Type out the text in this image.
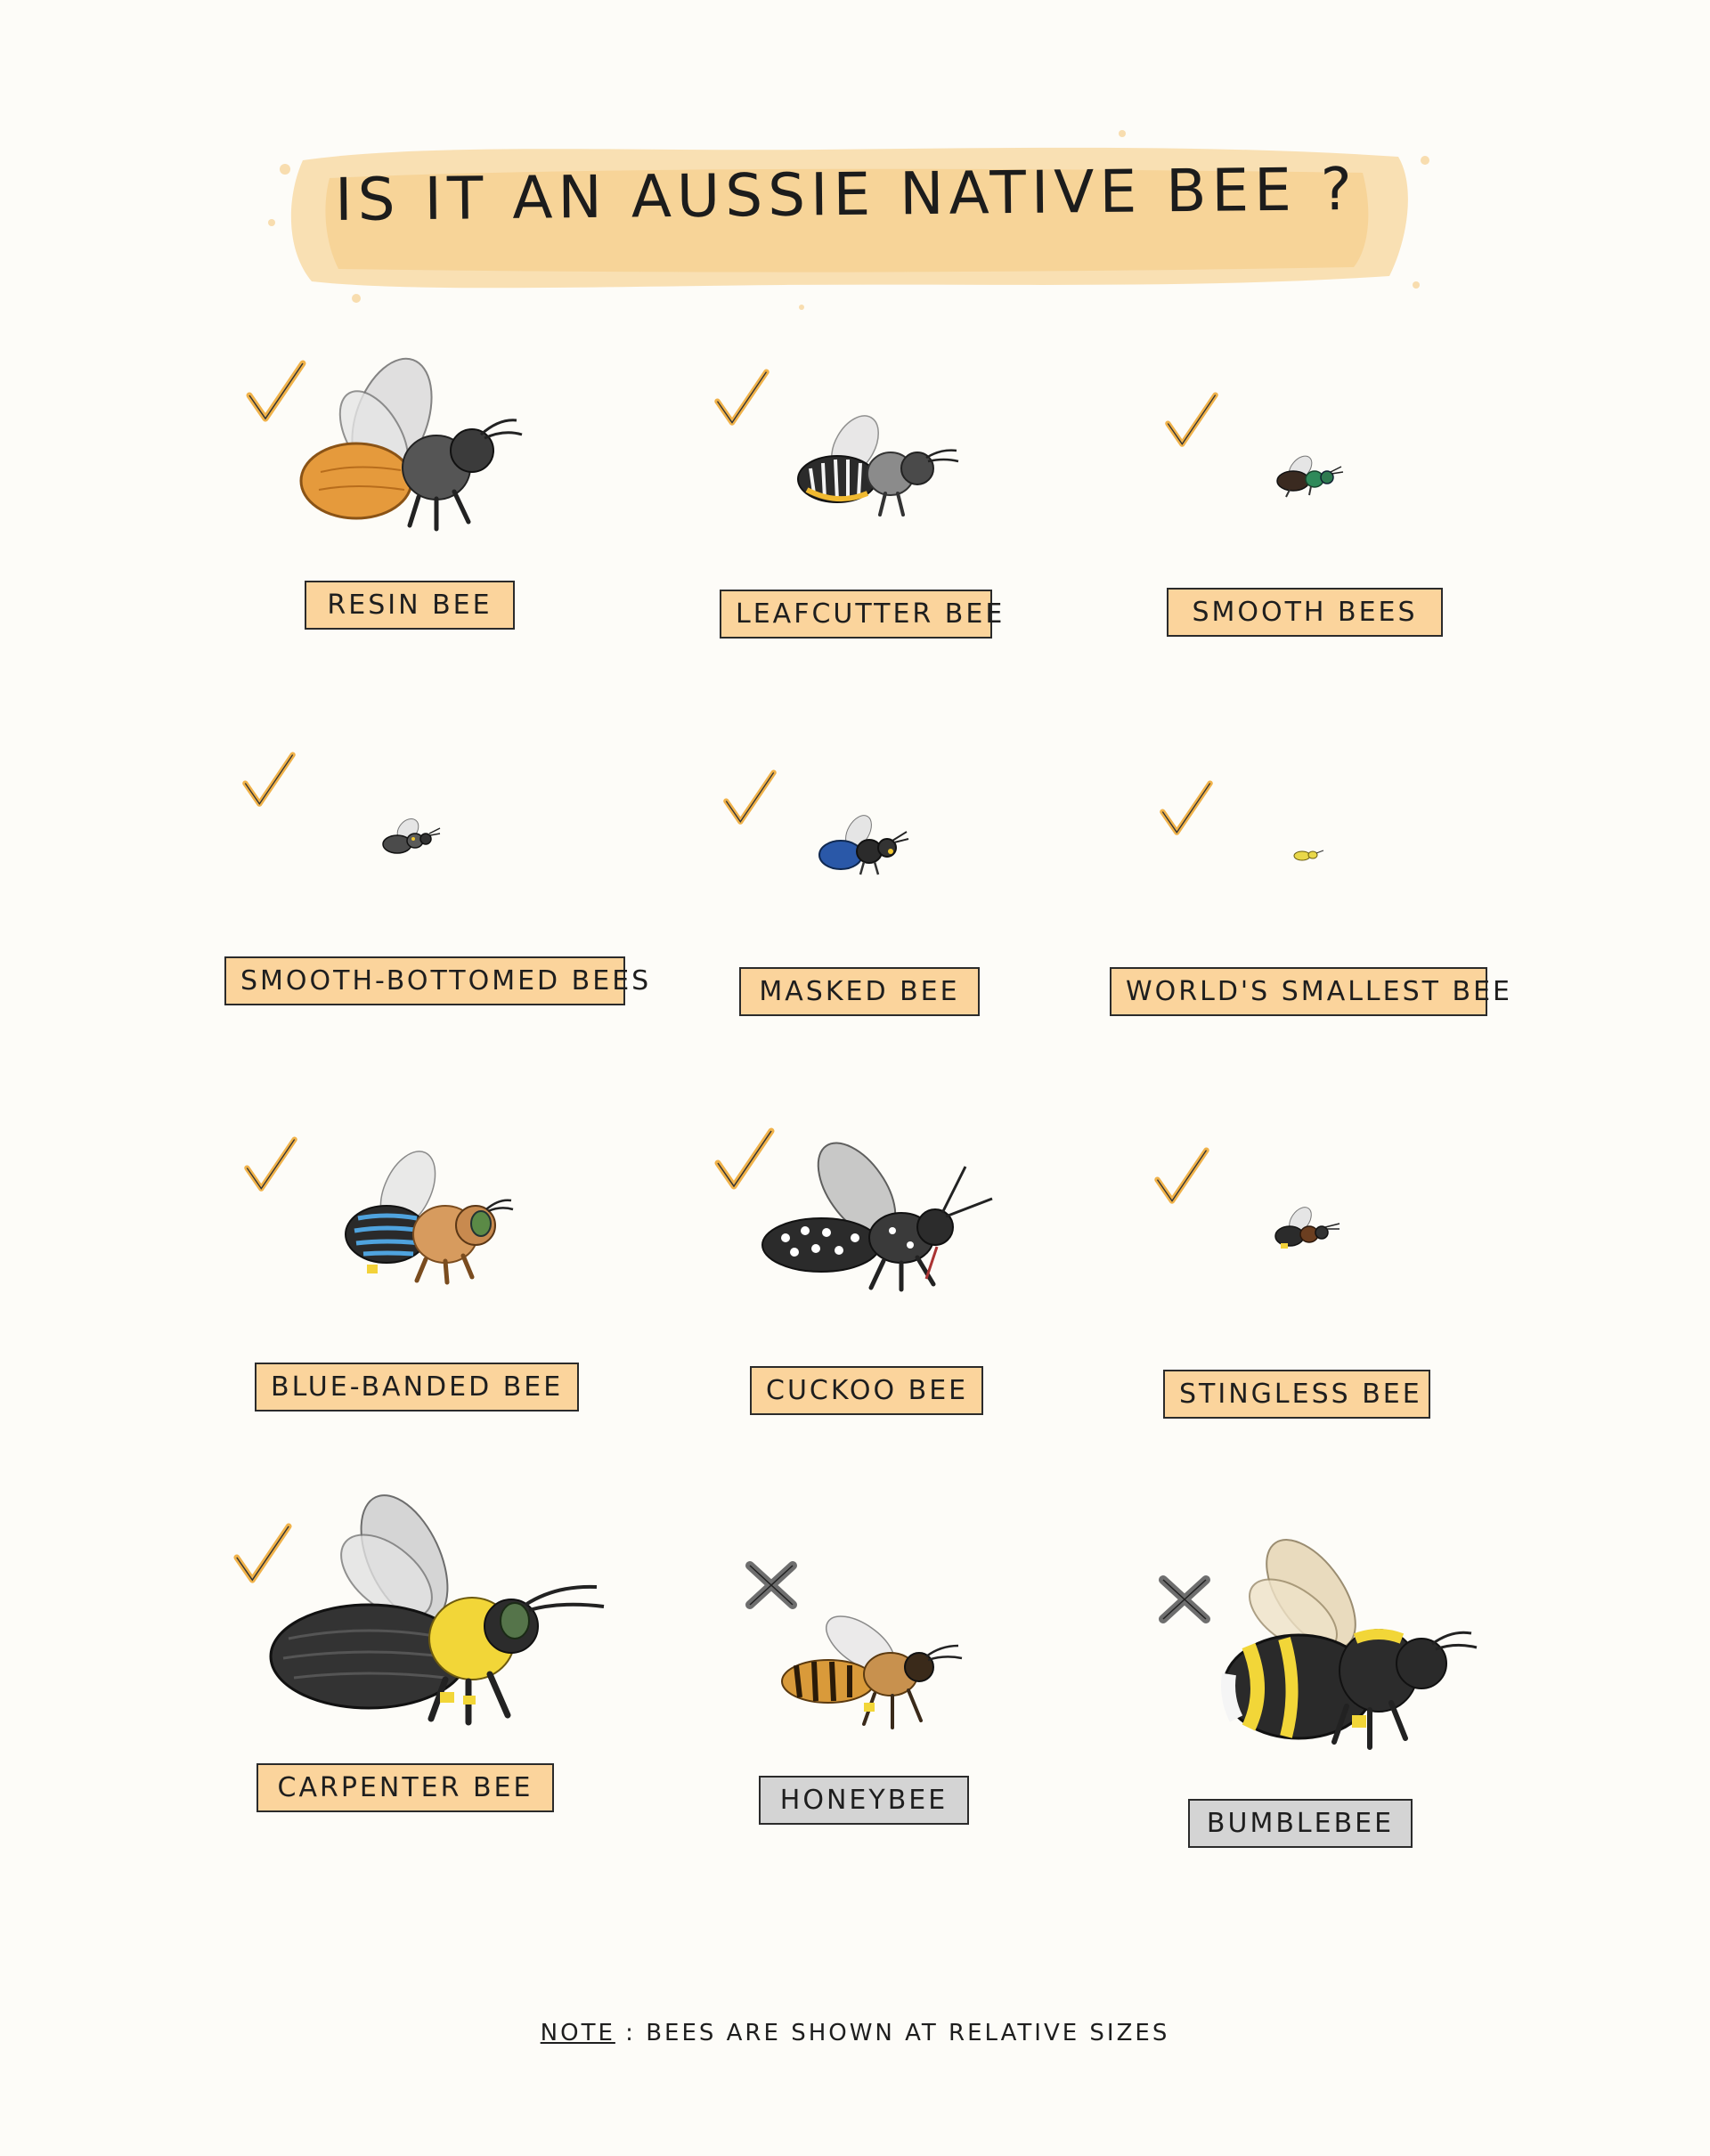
IS IT AN AUSSIE NATIVE BEE ?
RESIN BEE	LEAFCUTTER BEE	SMOOTH BEES
SMOOTH-BOTTOMED BEES	MASKED BEE	WORLD'S SMALLEST BEE
BLUE-BANDED BEE	CUCKOO BEE	STINGLESS BEE
CARPENTER BEE	HONEYBEE
BUMBLEBEE
NOTE : BEES ARE SHOWN AT RELATIVE SIZES
